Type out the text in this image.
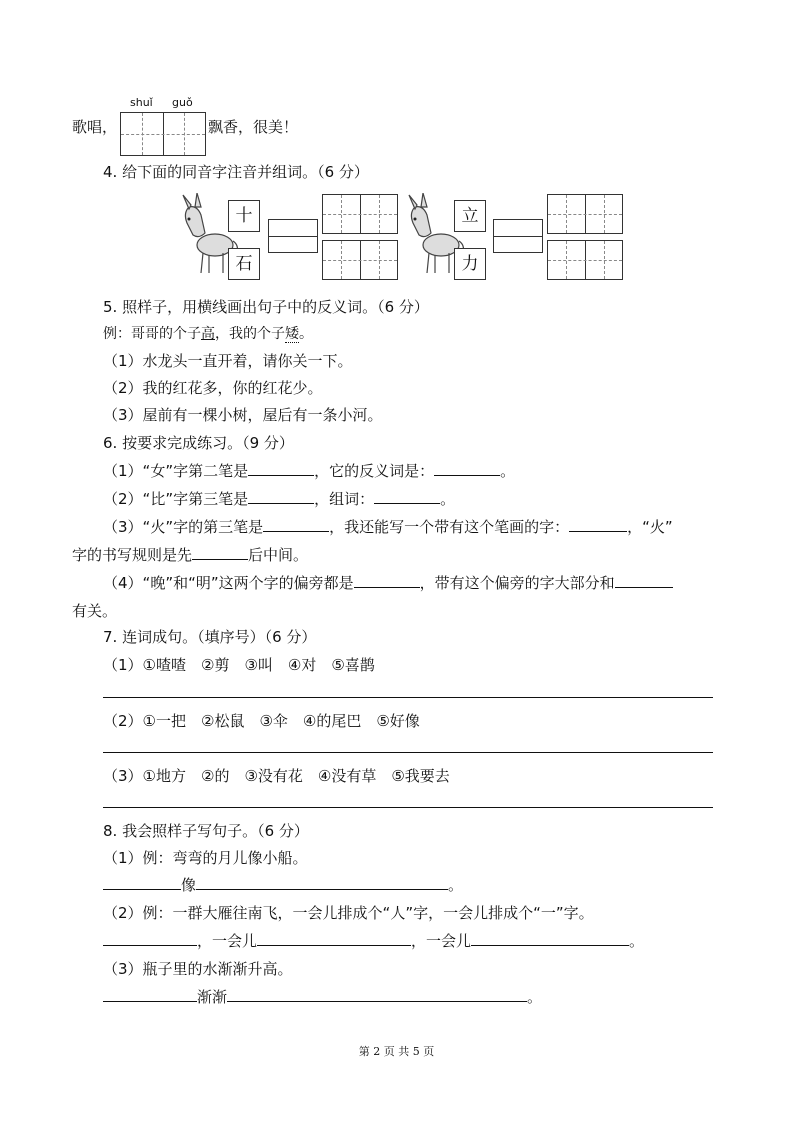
shuǐ guǒ
歌唱，	飘香，很美！
4. 给下面的同音字注音并组词。（6 分）
十
石
立
力
5. 照样子，用横线画出句子中的反义词。（6 分）
例：哥哥的个子高，我的个子矮。
（1）水龙头一直开着，请你关一下。
（2）我的红花多，你的红花少。
（3）屋前有一棵小树，屋后有一条小河。
6. 按要求完成练习。（9 分）
（1）“女”字第二笔是	，它的反义词是：	。
（2）“比”字第三笔是	，组词：	。
（3）“火”字的第三笔是	，我还能写一个带有这个笔画的字：	，“火”
字的书写规则是先	后中间。
（4）“晚”和“明”这两个字的偏旁都是	，带有这个偏旁的字大部分和
有关。
7. 连词成句。（填序号）（6 分）
（1）①喳喳　②剪　③叫　④对　⑤喜鹊
（2）①一把　②松鼠　③伞　④的尾巴　⑤好像
（3）①地方　②的　③没有花　④没有草　⑤我要去
8. 我会照样子写句子。（6 分）
（1）例：弯弯的月儿像小船。
像	。
（2）例：一群大雁往南飞，一会儿排成个“人”字，一会儿排成个“一”字。
，一会儿	，一会儿	。
（3）瓶子里的水渐渐升高。
渐渐	。
第 2 页 共 5 页
